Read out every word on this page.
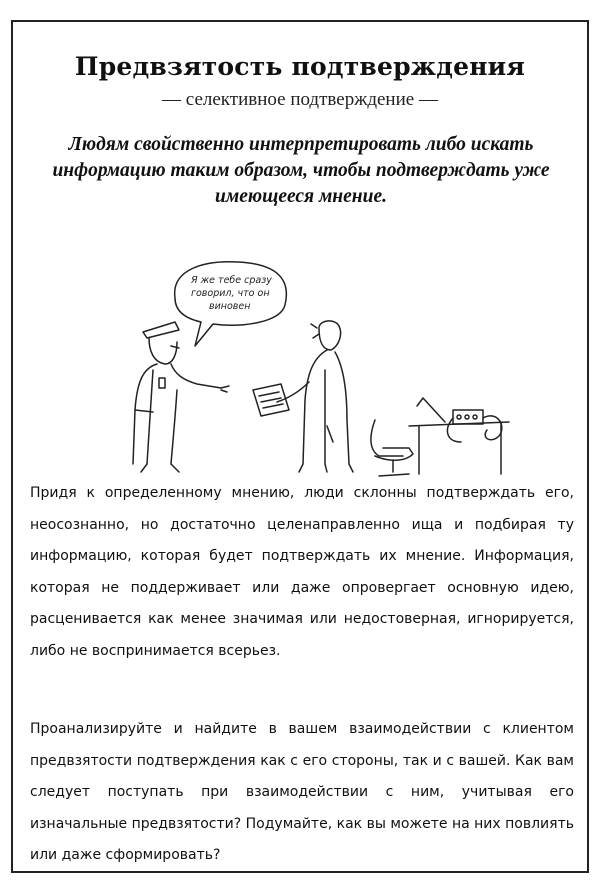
Предвзятость подтверждения
— селективное подтверждение —
Людям свойственно интерпретировать либо искать информацию таким образом, чтобы подтверждать уже имеющееся мнение.
Я же тебе сразу
говорил, что он
виновен
Придя к определенному мнению, люди склонны подтверждать его, неосознанно, но достаточно целенаправленно ища и подбирая ту информацию, которая будет подтверждать их мнение. Информация, которая не поддерживает или даже опровергает основную идею, расценивается как менее значимая или недостоверная, игнорируется, либо не воспринимается всерьез.
Проанализируйте и найдите в вашем взаимодействии с клиентом предвзятости подтверждения как с его стороны, так и с вашей. Как вам следует поступать при взаимодействии с ним, учитывая его изначальные предвзятости? Подумайте, как вы можете на них повлиять или даже сформировать?
